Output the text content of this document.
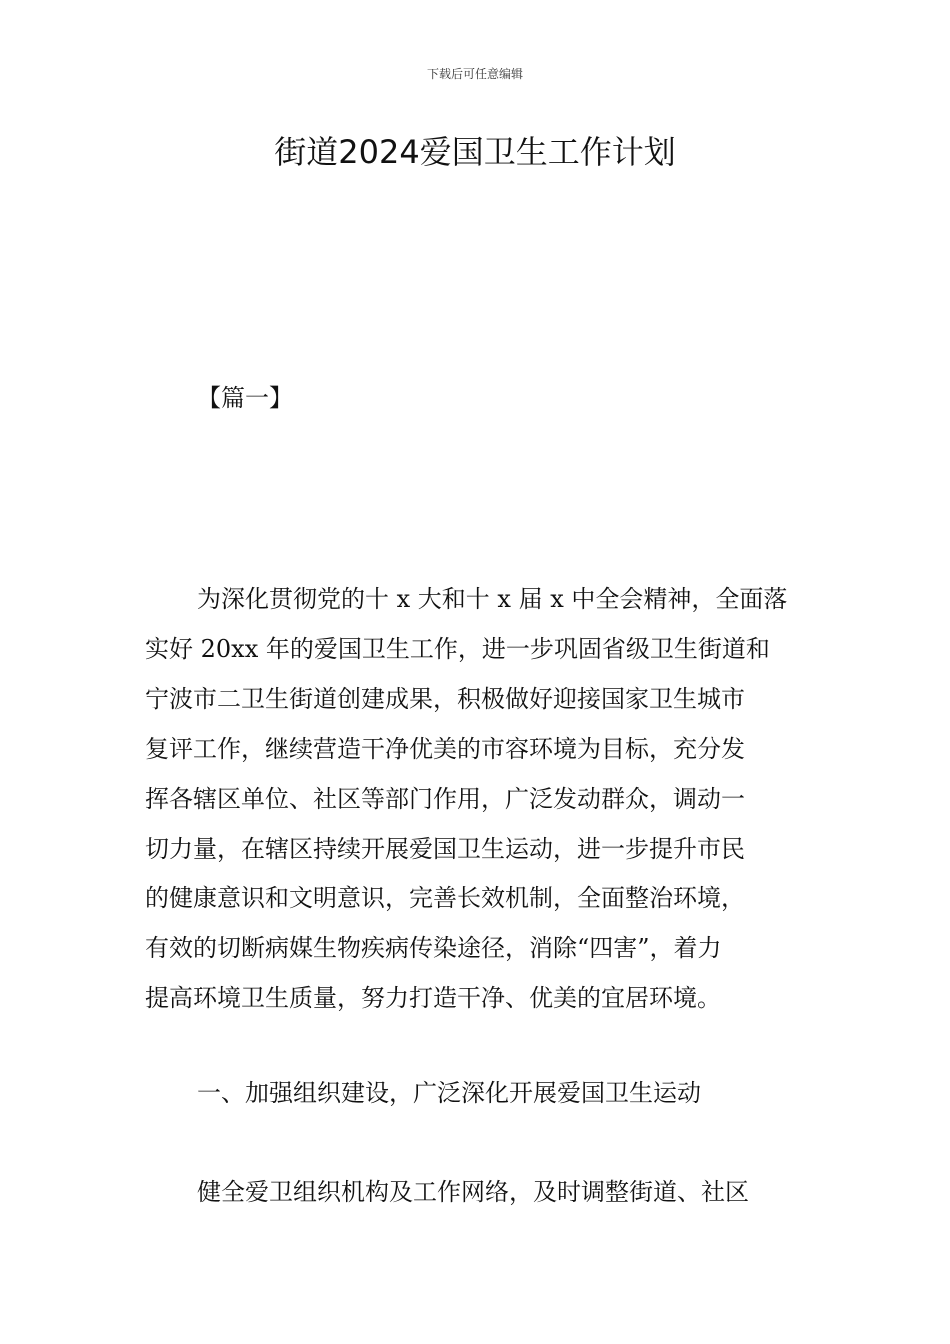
下载后可任意编辑
街道2024爱国卫生工作计划
【篇一】
为深化贯彻党的十 x 大和十 x 届 x 中全会精神，全面落
实好 20xx 年的爱国卫生工作，进一步巩固省级卫生街道和
宁波市二卫生街道创建成果，积极做好迎接国家卫生城市
复评工作，继续营造干净优美的市容环境为目标，充分发
挥各辖区单位、社区等部门作用，广泛发动群众，调动一
切力量，在辖区持续开展爱国卫生运动，进一步提升市民
的健康意识和文明意识，完善长效机制，全面整治环境，
有效的切断病媒生物疾病传染途径，消除“四害”，着力
提高环境卫生质量，努力打造干净、优美的宜居环境。
一、加强组织建设，广泛深化开展爱国卫生运动
健全爱卫组织机构及工作网络，及时调整街道、社区
